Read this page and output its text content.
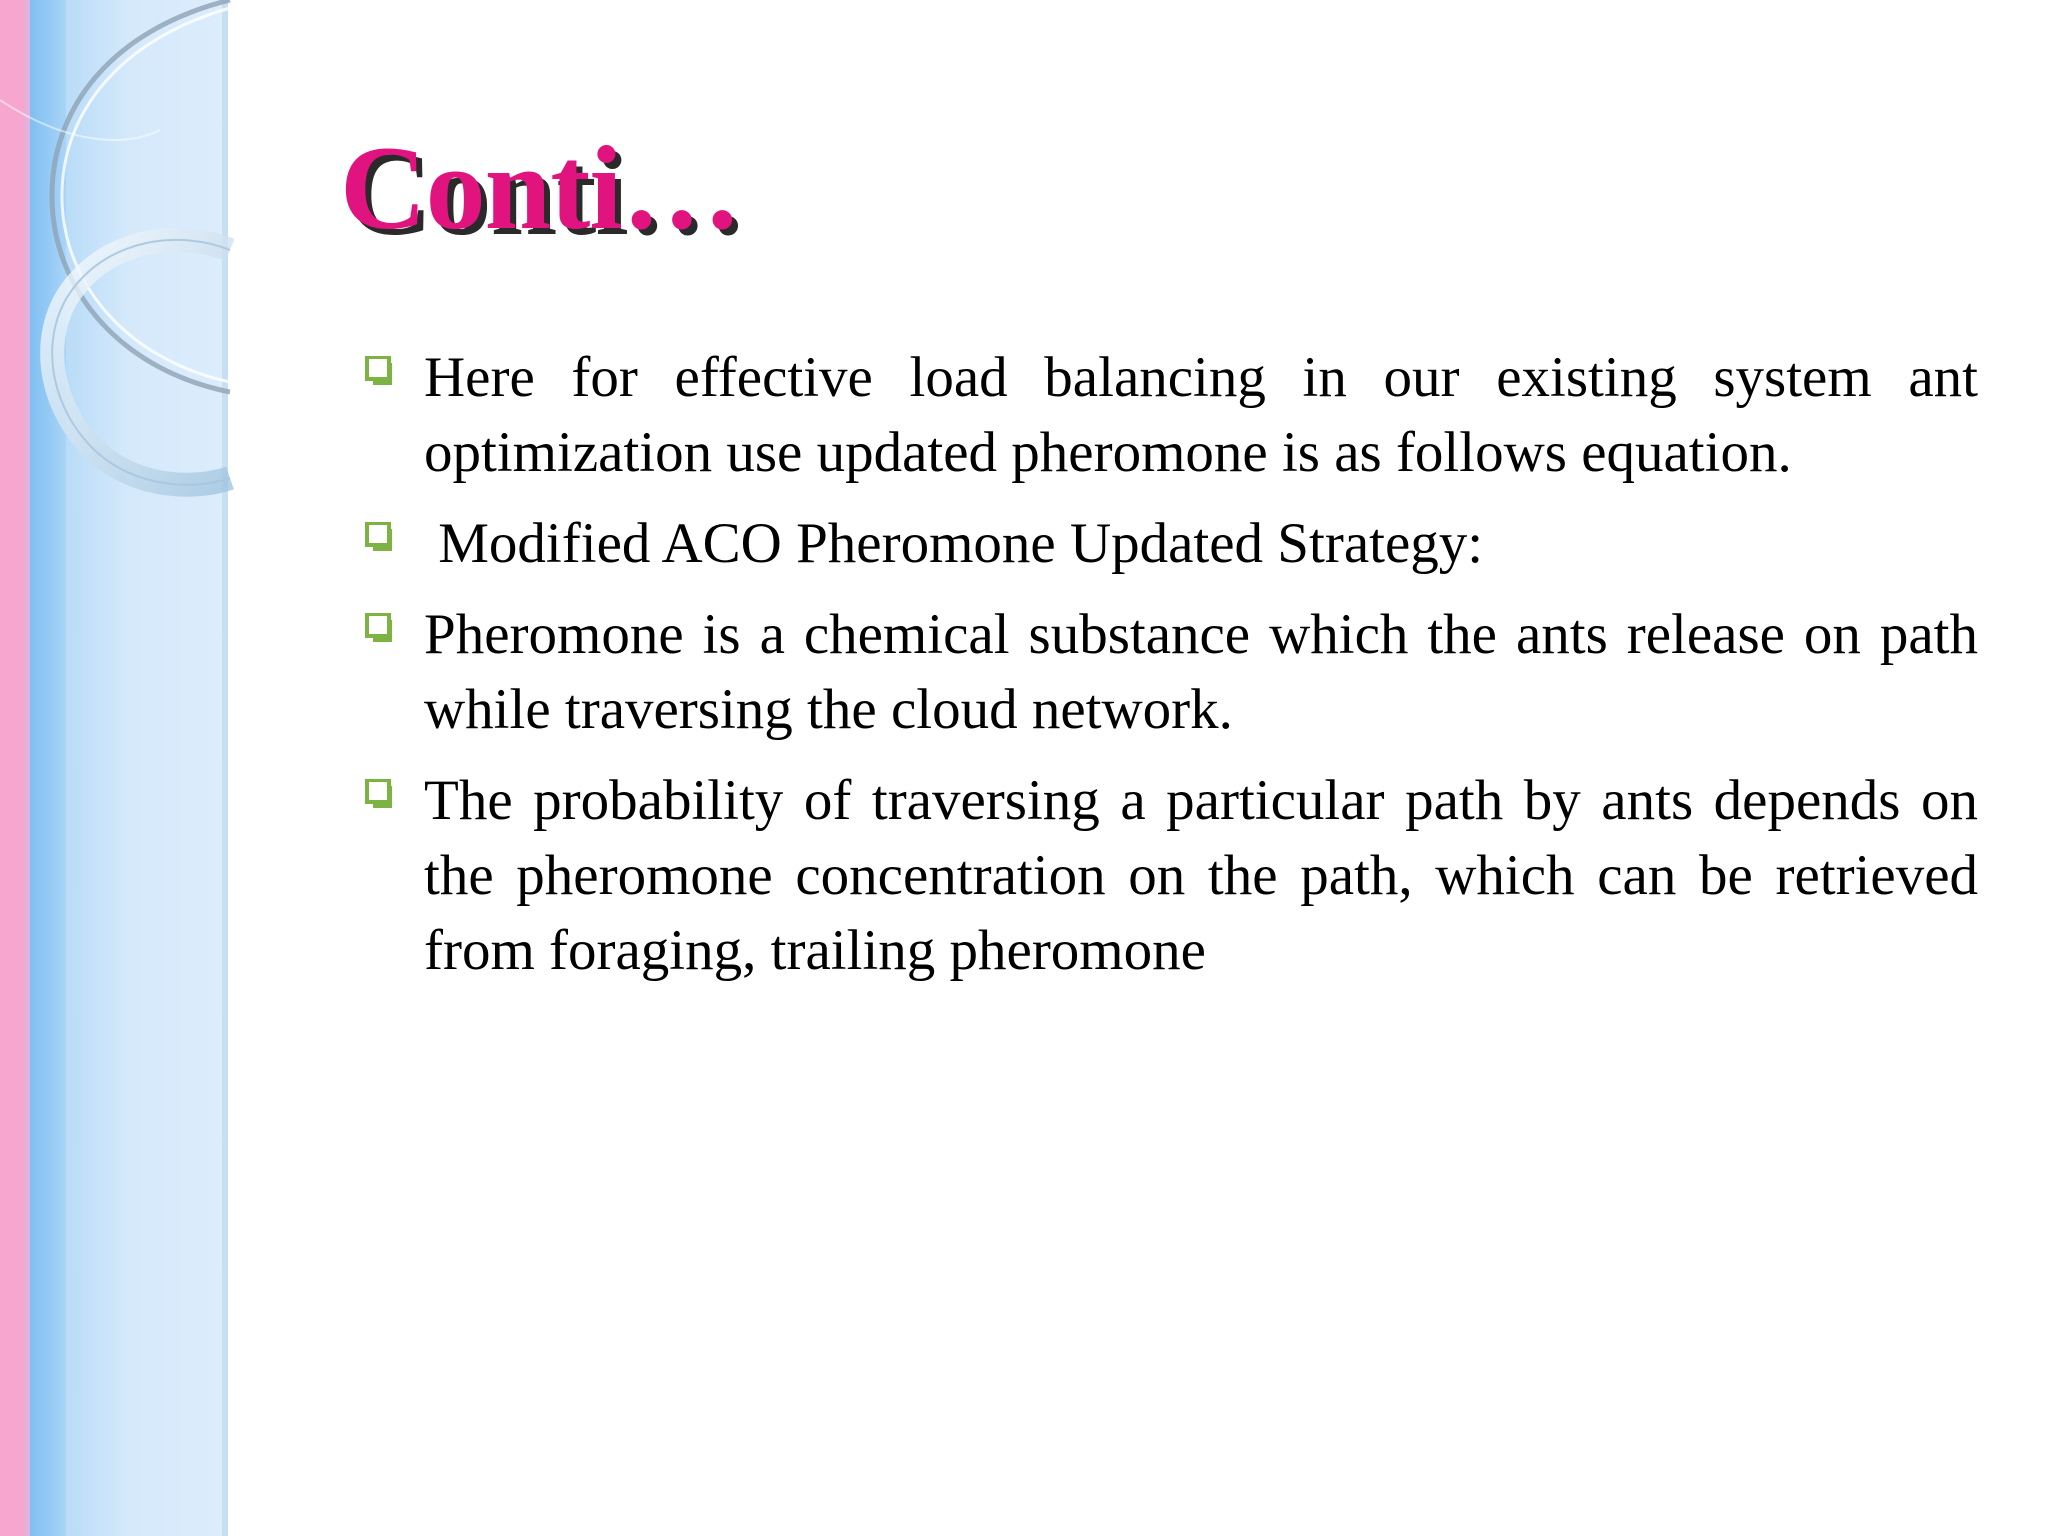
Conti…
Here for effective load balancing in our existing system ant optimization use updated pheromone is as follows equation.
Modified ACO Pheromone Updated Strategy:
Pheromone is a chemical substance which the ants release on path while traversing the cloud network.
The probability of traversing a particular path by ants depends on the pheromone concentration on the path, which can be retrieved from foraging, trailing pheromone
